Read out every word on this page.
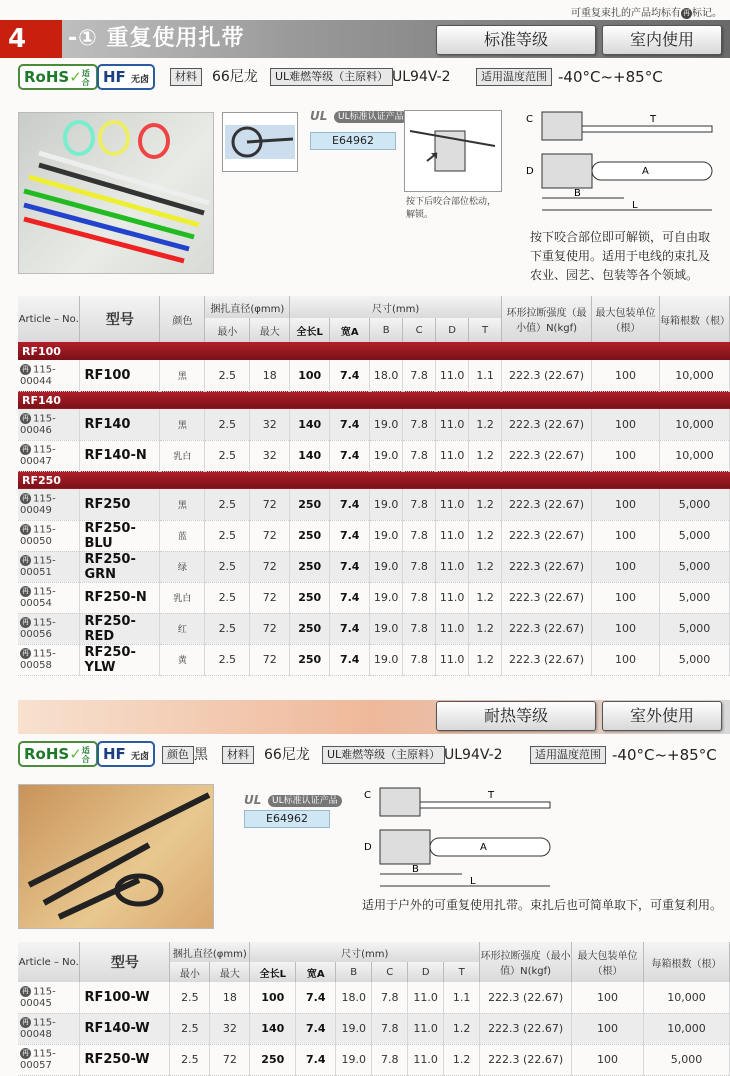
可重复束扎的产品均标有 再 标记。
4	-① 重复使用扎带	标准等级	室内使用
RoHS✓适合 HF 无卤	材料	66尼龙	UL难燃等级（主原料） UL94V-2	适用温度范围 -40°C~+85°C
UL	UL标准认证产品
E64962
按下后咬合部位松动，解锁。
C	T
D	A
B
L
按下咬合部位即可解锁，可自由取下重复使用。适用于电线的束扎及农业、园艺、包装等各个领域。
Article – No.	型号	颜色	捆扎直径(φmm)		尺寸(mm)						环形拉断强度（最小值）N(kgf)	最大包装单位（根）	每箱根数（根）
			最小	最大	全长L	宽A	B	C	D	T			
RF100													
再 115-00044	RF100	黑	2.5	18	100	7.4	18.0	7.8	11.0	1.1	222.3 (22.67)	100	10,000
RF140													
再 115-00046	RF140	黑	2.5	32	140	7.4	19.0	7.8	11.0	1.2	222.3 (22.67)	100	10,000
再 115-00047	RF140-N	乳白	2.5	32	140	7.4	19.0	7.8	11.0	1.2	222.3 (22.67)	100	10,000
RF250													
再 115-00049	RF250	黑	2.5	72	250	7.4	19.0	7.8	11.0	1.2	222.3 (22.67)	100	5,000
再 115-00050	RF250-BLU	蓝	2.5	72	250	7.4	19.0	7.8	11.0	1.2	222.3 (22.67)	100	5,000
再 115-00051	RF250-GRN	绿	2.5	72	250	7.4	19.0	7.8	11.0	1.2	222.3 (22.67)	100	5,000
再 115-00054	RF250-N	乳白	2.5	72	250	7.4	19.0	7.8	11.0	1.2	222.3 (22.67)	100	5,000
再 115-00056	RF250-RED	红	2.5	72	250	7.4	19.0	7.8	11.0	1.2	222.3 (22.67)	100	5,000
再 115-00058	RF250-YLW	黄	2.5	72	250	7.4	19.0	7.8	11.0	1.2	222.3 (22.67)	100	5,000
耐热等级	室外使用
RoHS✓适合 HF 无卤	颜色 黑	材料	66尼龙	UL难燃等级（主原料） UL94V-2	适用温度范围 -40°C~+85°C
UL	UL标准认证产品
E64962
C	T
D	A
B
L
适用于户外的可重复使用扎带。束扎后也可简单取下，可重复利用。
Article – No.	型号	捆扎直径(φmm)		尺寸(mm)						环形拉断强度（最小值）N(kgf)	最大包装单位（根）	每箱根数（根）
		最小	最大	全长L	宽A	B	C	D	T			
再 115-00045	RF100-W	2.5	18	100	7.4	18.0	7.8	11.0	1.1	222.3 (22.67)	100	10,000
再 115-00048	RF140-W	2.5	32	140	7.4	19.0	7.8	11.0	1.2	222.3 (22.67)	100	10,000
再 115-00057	RF250-W	2.5	72	250	7.4	19.0	7.8	11.0	1.2	222.3 (22.67)	100	5,000
